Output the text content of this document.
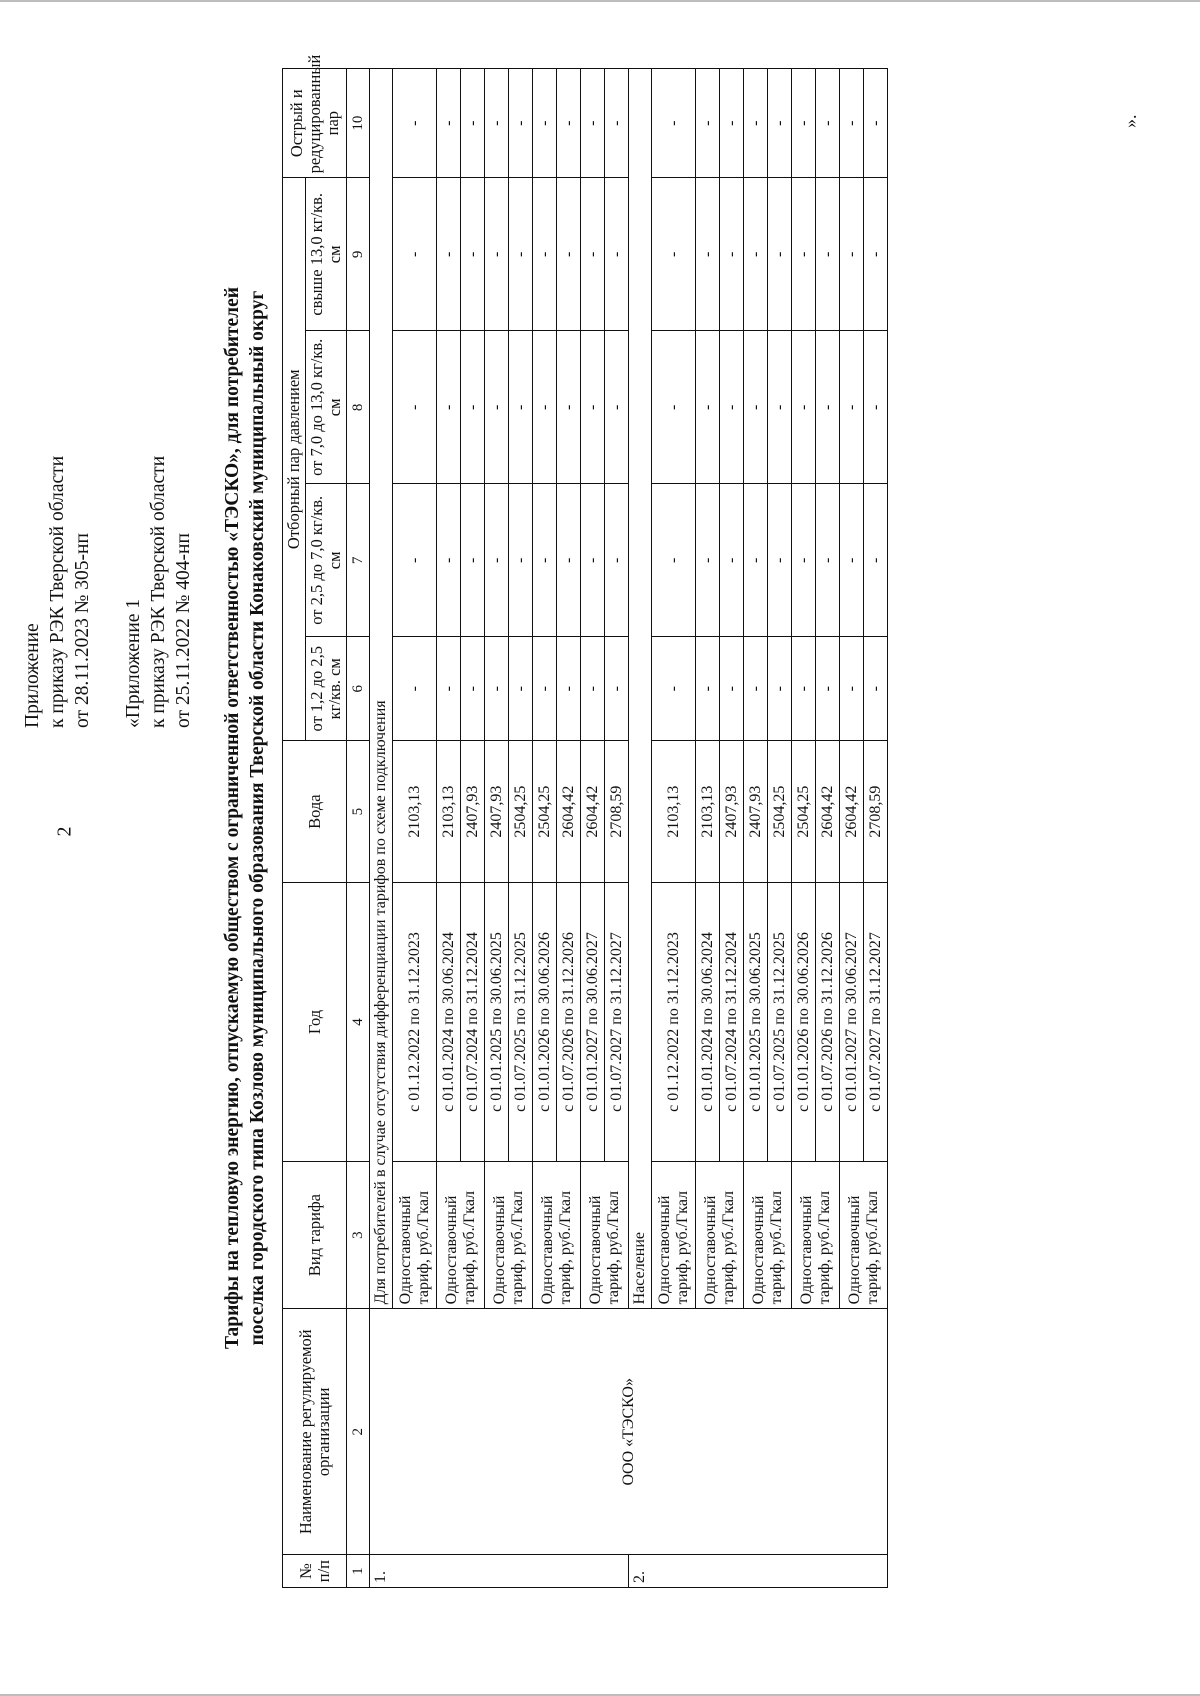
2
Приложение к приказу РЭК Тверской области от 28.11.2023 № 305-нп «Приложение 1 к приказу РЭК Тверской области от 25.11.2022 № 404-нп Тарифы на тепловую энергию, отпускаемую обществом с ограниченной ответственностью «ТЭСКО», для потребителей поселка городского типа Козлово муниципального образования Тверской области Конаковский муниципальный округ
№ п/п	Наименование регулируемой организации	Вид тарифа	Год	Вода	Отборный пар давлением				Острый и редуцированный пар
					от 1,2 до 2,5 кг/кв. см	от 2,5 до 7,0 кг/кв. см	от 7,0 до 13,0 кг/кв. см	свыше 13,0 кг/кв. см	
1	2	3	4	5	6	7	8	9	10
1.	ООО «ТЭСКО»	Для потребителей в случае отсутствия дифференциации тарифов по схеме подключения							
		Одноставочный тариф, руб./Гкал	с 01.12.2022 по 31.12.2023	2103,13	-	-	-	-	-
		Одноставочный тариф, руб./Гкал	с 01.01.2024 по 30.06.2024	2103,13	-	-	-	-	-
			с 01.07.2024 по 31.12.2024	2407,93	-	-	-	-	-
		Одноставочный тариф, руб./Гкал	с 01.01.2025 по 30.06.2025	2407,93	-	-	-	-	-
			с 01.07.2025 по 31.12.2025	2504,25	-	-	-	-	-
		Одноставочный тариф, руб./Гкал	с 01.01.2026 по 30.06.2026	2504,25	-	-	-	-	-
			с 01.07.2026 по 31.12.2026	2604,42	-	-	-	-	-
		Одноставочный тариф, руб./Гкал	с 01.01.2027 по 30.06.2027	2604,42	-	-	-	-	-
			с 01.07.2027 по 31.12.2027	2708,59	-	-	-	-	-
2.		Население							
		Одноставочный тариф, руб./Гкал	с 01.12.2022 по 31.12.2023	2103,13	-	-	-	-	-
		Одноставочный тариф, руб./Гкал	с 01.01.2024 по 30.06.2024	2103,13	-	-	-	-	-
			с 01.07.2024 по 31.12.2024	2407,93	-	-	-	-	-
		Одноставочный тариф, руб./Гкал	с 01.01.2025 по 30.06.2025	2407,93	-	-	-	-	-
			с 01.07.2025 по 31.12.2025	2504,25	-	-	-	-	-
		Одноставочный тариф, руб./Гкал	с 01.01.2026 по 30.06.2026	2504,25	-	-	-	-	-
			с 01.07.2026 по 31.12.2026	2604,42	-	-	-	-	-
		Одноставочный тариф, руб./Гкал	с 01.01.2027 по 30.06.2027	2604,42	-	-	-	-	-
			с 01.07.2027 по 31.12.2027	2708,59	-	-	-	-	-	».
